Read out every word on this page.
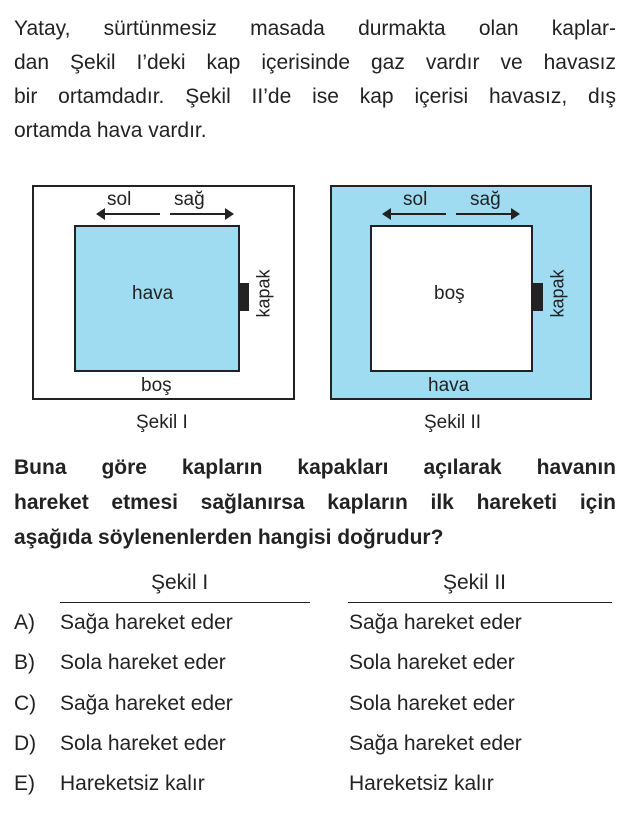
Yatay, sürtünmesiz masada durmakta olan kaplar-
dan Şekil I’deki kap içerisinde gaz vardır ve havasız
bir ortamdadır. Şekil II’de ise kap içerisi havasız, dış
ortamda hava vardır.

sol sağ
hava	kapak
boş
Şekil I
sol sağ
boş	kapak
hava
Şekil II

Buna göre kapların kapakları açılarak havanın
hareket etmesi sağlanırsa kapların ilk hareketi için
aşağıda söylenenlerden hangisi doğrudur?

Şekil I	Şekil II
A) Sağa hareket eder	Sağa hareket eder
B) Sola hareket eder	Sola hareket eder
C) Sağa hareket eder	Sola hareket eder
D) Sola hareket eder	Sağa hareket eder
E) Hareketsiz kalır	Hareketsiz kalır
